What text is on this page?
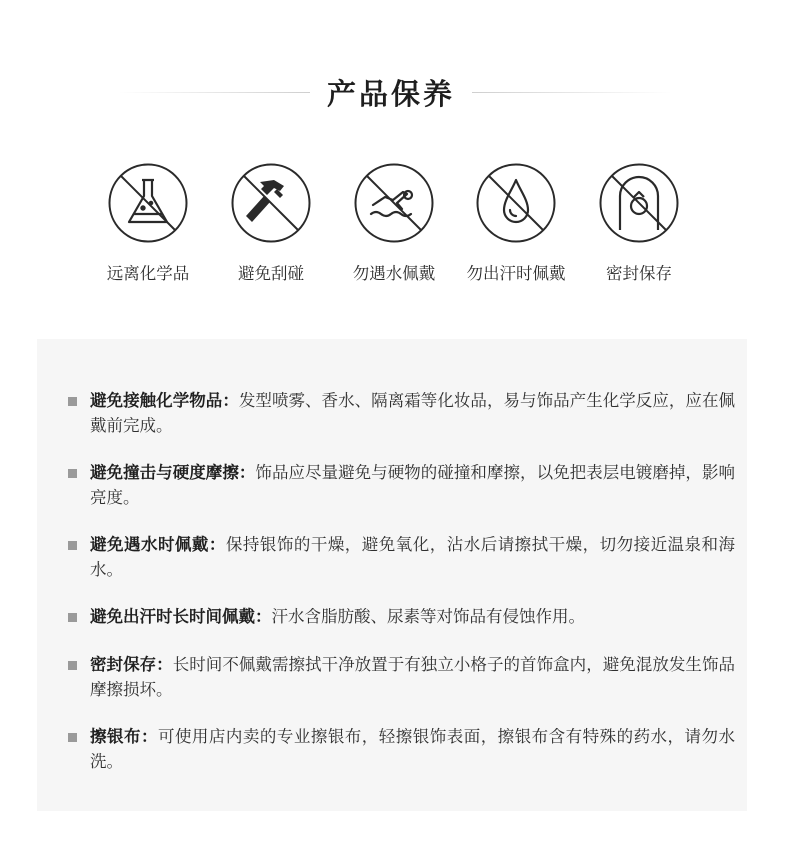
产品保养
远离化学品	避免刮碰	勿遇水佩戴	勿出汗时佩戴	密封保存
避免接触化学物品：发型喷雾、香水、隔离霜等化妆品，易与饰品产生化学反应，应在佩戴前完成。
避免撞击与硬度摩擦：饰品应尽量避免与硬物的碰撞和摩擦，以免把表层电镀磨掉，影响亮度。
避免遇水时佩戴：保持银饰的干燥，避免氧化，沾水后请擦拭干燥，切勿接近温泉和海水。
避免出汗时长时间佩戴：汗水含脂肪酸、尿素等对饰品有侵蚀作用。
密封保存：长时间不佩戴需擦拭干净放置于有独立小格子的首饰盒内，避免混放发生饰品摩擦损坏。
擦银布：可使用店内卖的专业擦银布，轻擦银饰表面，擦银布含有特殊的药水，请勿水洗。
